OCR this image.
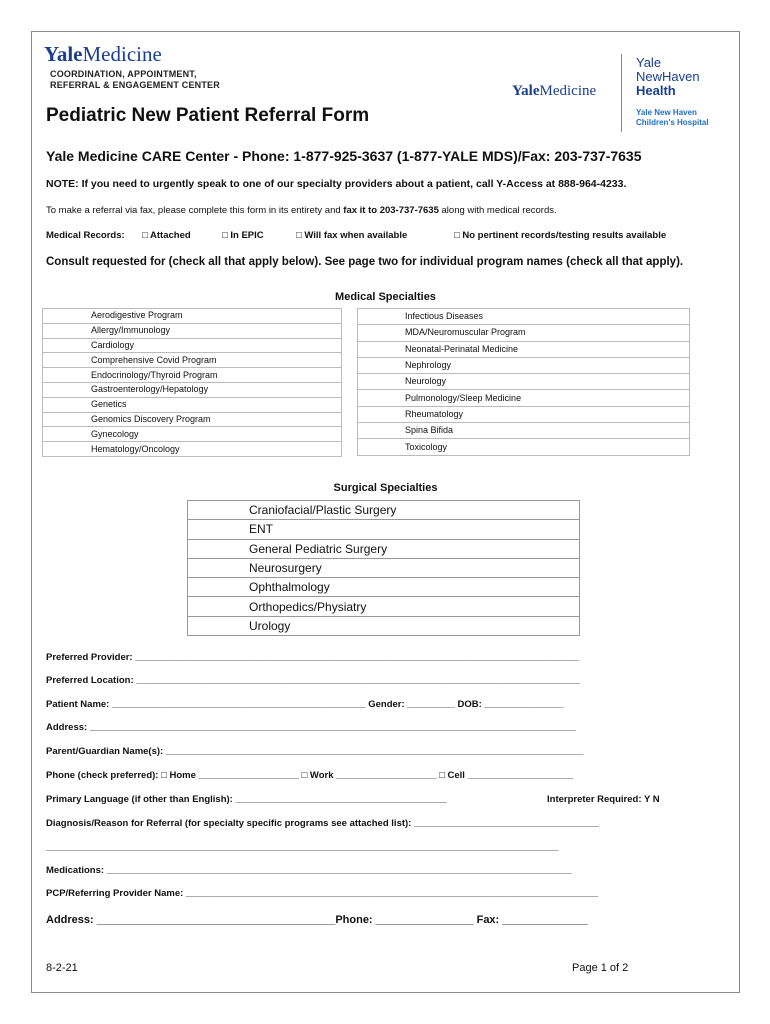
YaleMedicine
COORDINATION, APPOINTMENT,
REFERRAL & ENGAGEMENT CENTER	YaleMedicine
Yale
NewHaven
Health
Yale New Haven
Children's Hospital
Pediatric New Patient Referral Form
Yale Medicine CARE Center - Phone: 1-877-925-3637 (1-877-YALE MDS)/Fax: 203-737-7635
NOTE: If you need to urgently speak to one of our specialty providers about a patient, call Y-Access at 888-964-4233.
To make a referral via fax, please complete this form in its entirety and fax it to 203-737-7635 along with medical records.
Medical Records: □ Attached	□ In EPIC	□ Will fax when available	□ No pertinent records/testing results available
Consult requested for (check all that apply below). See page two for individual program names (check all that apply).
Medical Specialties
Aerodigestive Program
Allergy/Immunology
Cardiology
Comprehensive Covid Program
Endocrinology/Thyroid Program
Gastroenterology/Hepatology
Genetics
Genomics Discovery Program
Gynecology
Hematology/Oncology
Infectious Diseases
MDA/Neuromuscular Program
Neonatal-Perinatal Medicine
Nephrology
Neurology
Pulmonology/Sleep Medicine
Rheumatology
Spina Bifida
Toxicology
Surgical Specialties
Craniofacial/Plastic Surgery
ENT
General Pediatric Surgery
Neurosurgery
Ophthalmology
Orthopedics/Physiatry
Urology
Preferred Provider: ____________________________________________________________________________________
Preferred Location: ____________________________________________________________________________________
Patient Name: ________________________________________________ Gender: _________ DOB: _______________
Address: ____________________________________________________________________________________________
Parent/Guardian Name(s): _______________________________________________________________________________
Phone (check preferred): □ Home ___________________ □ Work ___________________ □ Cell ____________________
Primary Language (if other than English): ________________________________________	Interpreter Required: Y N
Diagnosis/Reason for Referral (for specialty specific programs see attached list): ___________________________________
_________________________________________________________________________________________________
Medications: ________________________________________________________________________________________
PCP/Referring Provider Name: ______________________________________________________________________________
Address: _______________________________________Phone: ________________ Fax: ______________
8-2-21	Page 1 of 2
